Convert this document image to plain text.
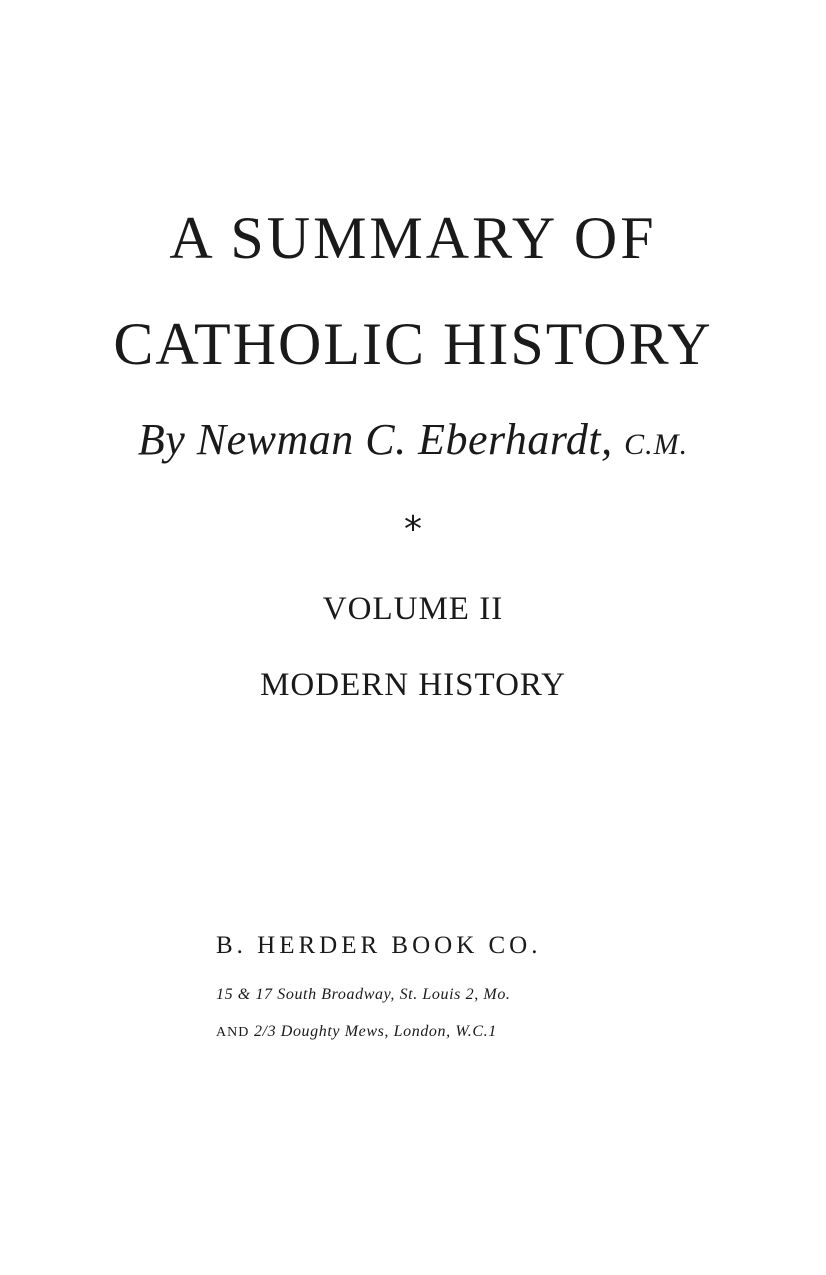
A SUMMARY OF
CATHOLIC HISTORY
By Newman C. Eberhardt, C.M.
*
VOLUME II
MODERN HISTORY
B. HERDER BOOK CO.
15 & 17 South Broadway, St. Louis 2, Mo.
AND 2/3 Doughty Mews, London, W.C.1
